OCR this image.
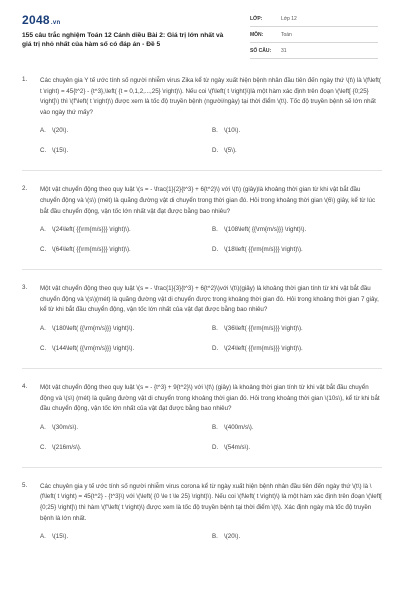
2048.vn
155 câu trắc nghiệm Toán 12 Cánh diều Bài 2: Giá trị lớn nhất và giá trị nhỏ nhất của hàm số có đáp án - Đề 5
LỚP:	Lớp 12
MÔN:	Toán
SỐ CÂU:	31
1. Các chuyên gia Y tế ước tính số người nhiễm virus Zika kể từ ngày xuất hiện bệnh nhân đầu tiên đến ngày thứ \(t\) là \(f\left( t \right) = 45{t^2} - {t^3},\left( {t = 0,1,2,...,25} \right)\). Nếu coi \(f\left( t \right)\)là một hàm xác định trên đoạn \(\left[ {0;25} \right]\) thì \(f'\left( t \right)\) được xem là tốc độ truyền bệnh (người/ngày) tại thời điểm \(t\). Tốc độ truyền bệnh sẽ lớn nhất vào ngày thứ mấy?
A. \(20\).	B. \(10\).
C. \(15\).	D. \(5\).
2. Một vật chuyển động theo quy luật \(s = - \frac{1}{2}{t^3} + 6{t^2}\) với \(t\) (giây)là khoảng thời gian từ khi vật bắt đầu chuyển động và \(s\) (mét) là quãng đường vật di chuyển trong thời gian đó. Hỏi trong khoảng thời gian \(6\) giây, kể từ lúc bắt đầu chuyển động, vận tốc lớn nhất vật đạt được bằng bao nhiêu?
A. \(24\left( {{\rm{m/s}}} \right)\).	B. \(108\left( {{\rm{m/s}}} \right)\).
C. \(64\left( {{\rm{m/s}}} \right)\).	D. \(18\left( {{\rm{m/s}}} \right)\).
3. Một vật chuyển động theo quy luật \(s = - \frac{1}{3}{t^3} + 6{t^2}\)với \(t\)(giây) là khoảng thời gian tính từ khi vật bắt đầu chuyển động và \(s\)(mét) là quãng đường vật di chuyển được trong khoảng thời gian đó. Hỏi trong khoảng thời gian 7 giây, kể từ khi bắt đầu chuyển động, vận tốc lớn nhất của vật đạt được bằng bao nhiêu?
A. \(180\left( {{\rm{m/s}}} \right)\).	B. \(36\left( {{\rm{m/s}}} \right)\).
C. \(144\left( {{\rm{m/s}}} \right)\).	D. \(24\left( {{\rm{m/s}}} \right)\).
4. Một vật chuyển động theo quy luật \(s = - {t^3} + 9{t^2}\) với \(t\) (giây) là khoảng thời gian tính từ khi vật bắt đầu chuyển động và \(s\) (mét) là quãng đường vật di chuyển trong khoảng thời gian đó. Hỏi trong khoảng thời gian \(10s\), kể từ khi bắt đầu chuyển động, vận tốc lớn nhất của vật đạt được bằng bao nhiêu?
A. \(30m/s\).	B. \(400m/s\).
C. \(216m/s\).	D. \(54m/s\).
5. Các chuyên gia y tế ước tính số người nhiễm virus corona kể từ ngày xuất hiện bệnh nhân đầu tiên đến ngày thứ \(t\) là \(f\left( t \right) = 45{t^2} - {t^3}\) với \(\left( {0 \le t \le 25} \right)\). Nếu coi \(f\left( t \right)\) là một hàm xác định trên đoạn \(\left[ {0;25} \right]\) thì hàm \(f'\left( t \right)\) được xem là tốc độ truyền bệnh tại thời điểm \(t\). Xác định ngày mà tốc độ truyền bệnh là lớn nhất.
A. \(15\).	B. \(20\).
